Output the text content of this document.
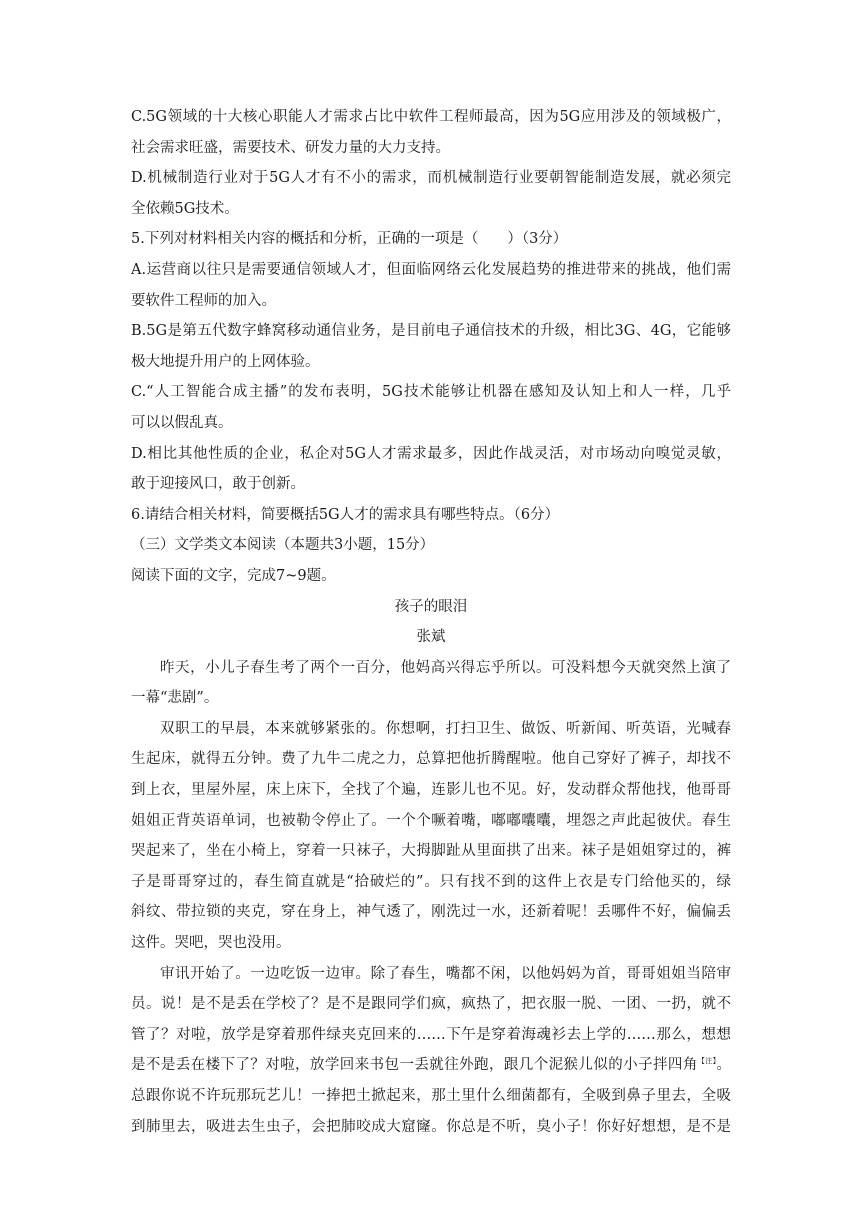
C.5G领域的十大核心职能人才需求占比中软件工程师最高，因为5G应用涉及的领域极广，
社会需求旺盛，需要技术、研发力量的大力支持。
D.机械制造行业对于5G人才有不小的需求，而机械制造行业要朝智能制造发展，就必须完
全依赖5G技术。
5.下列对材料相关内容的概括和分析，正确的一项是（　　）（3分）
A.运营商以往只是需要通信领域人才，但面临网络云化发展趋势的推进带来的挑战，他们需
要软件工程师的加入。
B.5G是第五代数字蜂窝移动通信业务，是目前电子通信技术的升级，相比3G、4G，它能够
极大地提升用户的上网体验。
C.“人工智能合成主播”的发布表明，5G技术能够让机器在感知及认知上和人一样，几乎
可以以假乱真。
D.相比其他性质的企业，私企对5G人才需求最多，因此作战灵活，对市场动向嗅觉灵敏，
敢于迎接风口，敢于创新。
6.请结合相关材料，简要概括5G人才的需求具有哪些特点。（6分）
（三）文学类文本阅读（本题共3小题，15分）
阅读下面的文字，完成7~9题。
孩子的眼泪
张斌
昨天，小儿子春生考了两个一百分，他妈高兴得忘乎所以。可没料想今天就突然上演了
一幕“悲剧”。
双职工的早晨，本来就够紧张的。你想啊，打扫卫生、做饭、听新闻、听英语，光喊春
生起床，就得五分钟。费了九牛二虎之力，总算把他折腾醒啦。他自己穿好了裤子，却找不
到上衣，里屋外屋，床上床下，全找了个遍，连影儿也不见。好，发动群众帮他找，他哥哥
姐姐正背英语单词，也被勒令停止了。一个个噘着嘴，嘟嘟囔囔，埋怨之声此起彼伏。春生
哭起来了，坐在小椅上，穿着一只袜子，大拇脚趾从里面拱了出来。袜子是姐姐穿过的，裤
子是哥哥穿过的，春生简直就是“拾破烂的”。只有找不到的这件上衣是专门给他买的，绿
斜纹、带拉锁的夹克，穿在身上，神气透了，刚洗过一水，还新着呢！丢哪件不好，偏偏丢
这件。哭吧，哭也没用。
审讯开始了。一边吃饭一边审。除了春生，嘴都不闲，以他妈妈为首，哥哥姐姐当陪审
员。说！是不是丢在学校了？是不是跟同学们疯，疯热了，把衣服一脱、一团、一扔，就不
管了？对啦，放学是穿着那件绿夹克回来的……下午是穿着海魂衫去上学的……那么，想想
是不是丢在楼下了？对啦，放学回来书包一丢就往外跑，跟几个泥猴儿似的小子拌四角$^{【注】}$。
总跟你说不许玩那玩艺儿！一捧把土掀起来，那土里什么细菌都有，全吸到鼻子里去，全吸
到肺里去，吸进去生虫子，会把肺咬成大窟窿。你总是不听，臭小子！你好好想想，是不是
